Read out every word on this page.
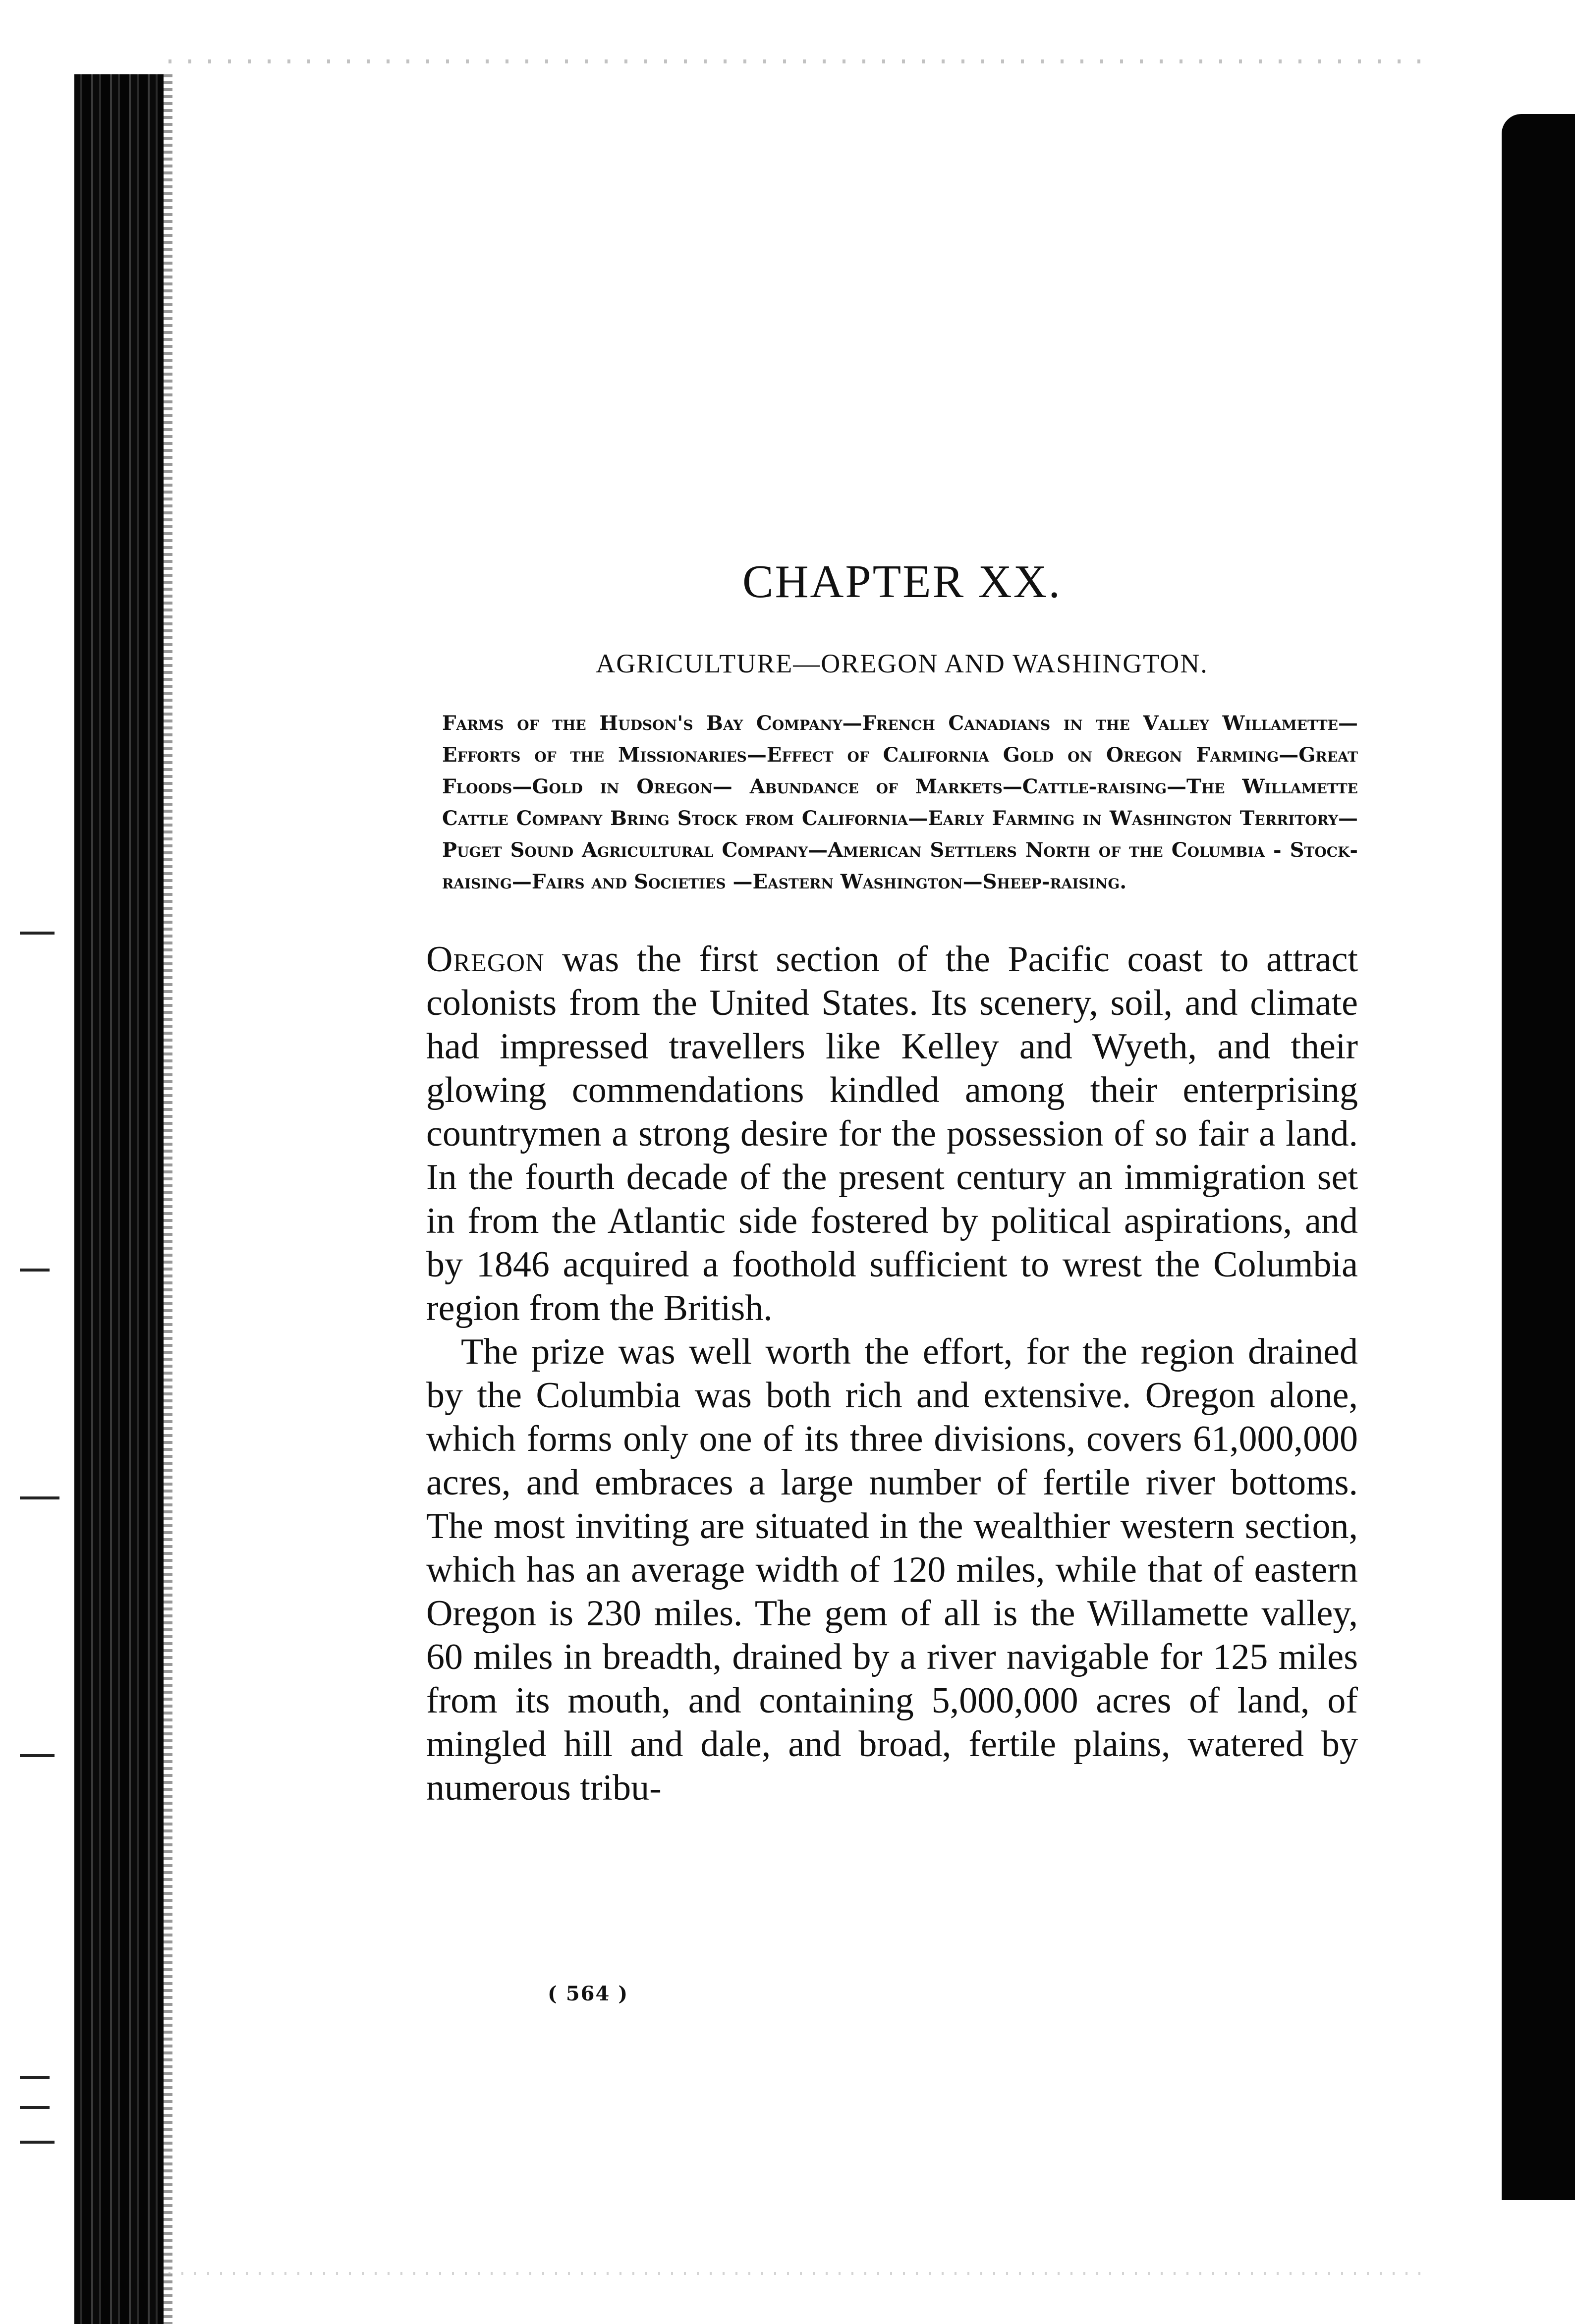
CHAPTER XX.
AGRICULTURE—OREGON AND WASHINGTON.
Farms of the Hudson's Bay Company—French Canadians in the Valley Willamette—Efforts of the Missionaries—Effect of California Gold on Oregon Farming—Great Floods—Gold in Oregon— Abundance of Markets—Cattle-raising—The Willamette Cattle Company Bring Stock from California—Early Farming in Washington Territory—Puget Sound Agricultural Company—American Settlers North of the Columbia - Stock-raising—Fairs and Societies —Eastern Washington—Sheep-raising.

Oregon was the first section of the Pacific coast to attract colonists from the United States. Its scenery, soil, and climate had impressed travellers like Kelley and Wyeth, and their glowing commendations kindled among their enterprising countrymen a strong desire for the possession of so fair a land. In the fourth decade of the present century an immigration set in from the Atlantic side fostered by political aspirations, and by 1846 acquired a foothold sufficient to wrest the Columbia region from the British.

The prize was well worth the effort, for the region drained by the Columbia was both rich and extensive. Oregon alone, which forms only one of its three divisions, covers 61,000,000 acres, and embraces a large number of fertile river bottoms. The most inviting are situated in the wealthier western section, which has an average width of 120 miles, while that of eastern Oregon is 230 miles. The gem of all is the Willamette valley, 60 miles in breadth, drained by a river navigable for 125 miles from its mouth, and containing 5,000,000 acres of land, of mingled hill and dale, and broad, fertile plains, watered by numerous tribu-

( 564 )
